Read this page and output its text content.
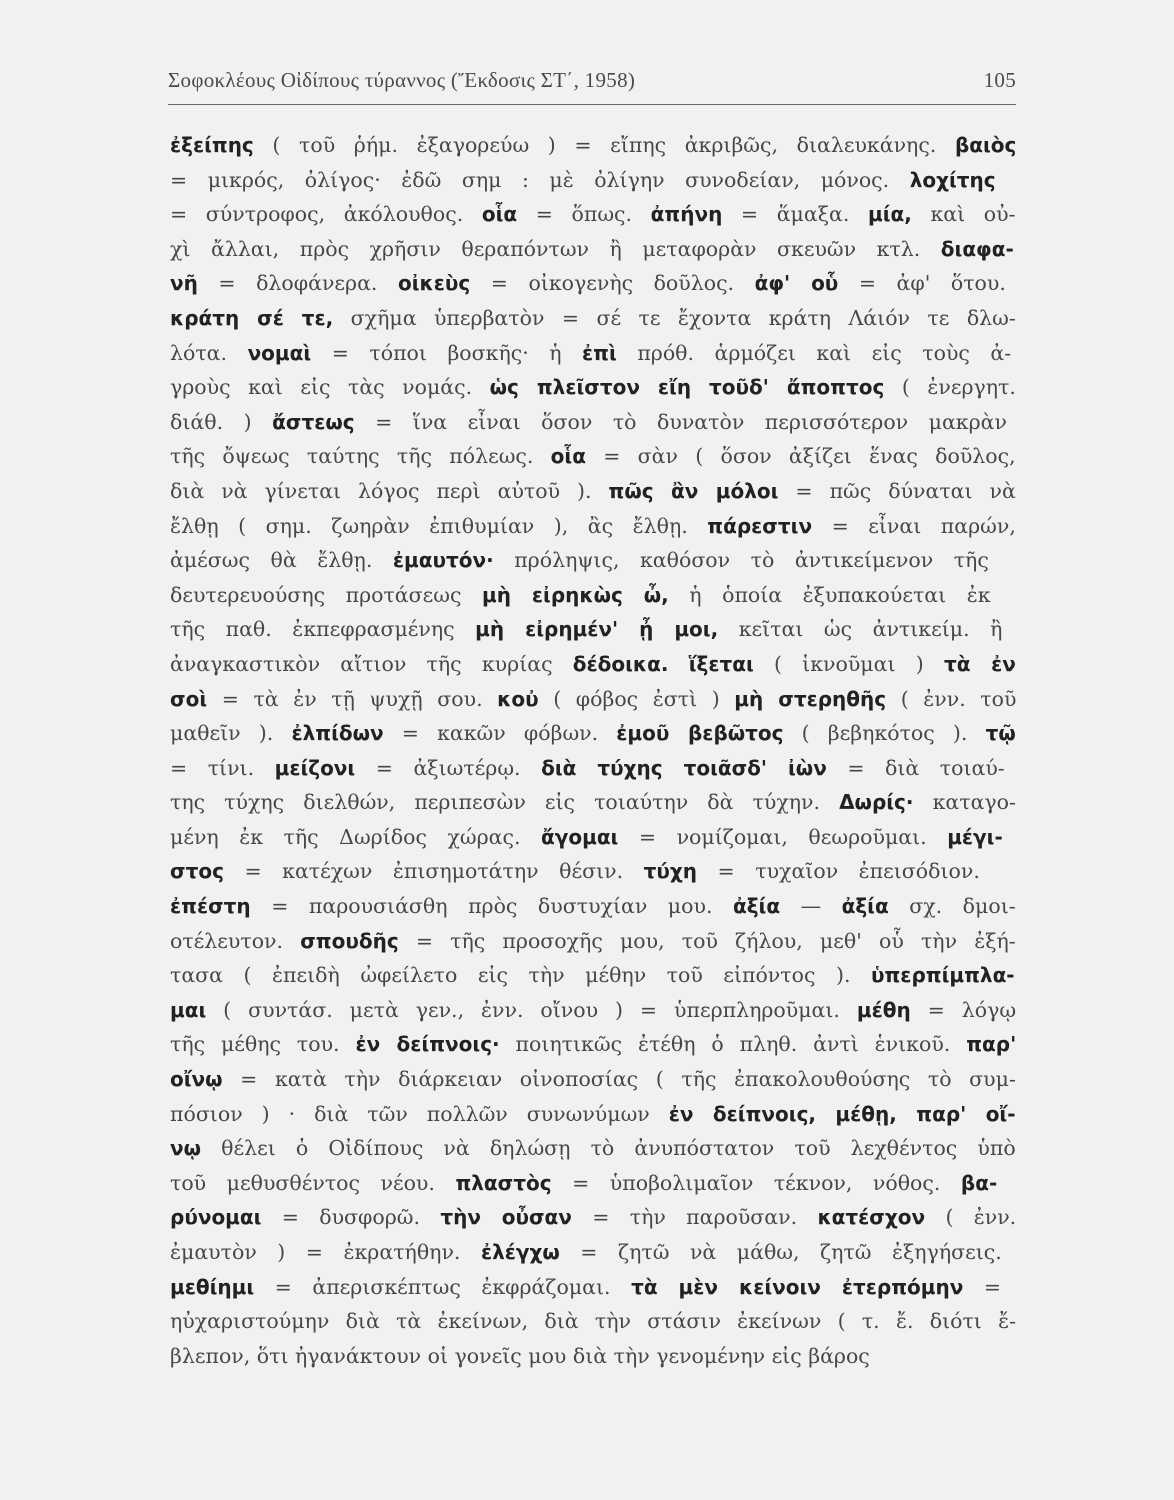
Σοφοκλέους Οἰδίπους τύραννος (Ἔκδοσις ΣΤ΄, 1958)	105
ἐξείπης ( τοῦ ῥήμ. ἐξαγορεύω ) = εἴπης ἀκριβῶς, διαλευκάνης. βαιὸς
= μικρός, ὀλίγος· ἐδῶ σημ : μὲ ὀλίγην συνοδείαν, μόνος. λοχίτης
= σύντροφος, ἀκόλουθος. οἷα = ὅπως. ἀπήνη = ἅμαξα. μία, καὶ οὐ-
χὶ ἄλλαι, πρὸς χρῆσιν θεραπόντων ἢ μεταφορὰν σκευῶν κτλ. διαφα-
νῆ = δλοφάνερα. οἰκεὺς = οἰκογενὴς δοῦλος. ἀφ' οὗ = ἀφ' ὅτου.
κράτη σέ τε, σχῆμα ὑπερβατὸν = σέ τε ἔχοντα κράτη Λάιόν τε δλω-
λότα. νομαὶ = τόποι βοσκῆς· ἡ ἐπὶ πρόθ. ἁρμόζει καὶ εἰς τοὺς ἀ-
γροὺς καὶ εἰς τὰς νομάς. ὡς πλεῖστον εἴη τοῦδ' ἄποπτος ( ἐνεργητ.
διάθ. ) ἄστεως = ἵνα εἶναι ὅσον τὸ δυνατὸν περισσότερον μακρὰν
τῆς ὄψεως ταύτης τῆς πόλεως. οἷα = σὰν ( ὅσον ἀξίζει ἕνας δοῦλος,
διὰ νὰ γίνεται λόγος περὶ αὐτοῦ ). πῶς ἂν μόλοι = πῶς δύναται νὰ
ἔλθῃ ( σημ. ζωηρὰν ἐπιθυμίαν ), ἂς ἔλθῃ. πάρεστιν = εἶναι παρών,
ἀμέσως θὰ ἔλθῃ. ἐμαυτόν· πρόληψις, καθόσον τὸ ἀντικείμενον τῆς
δευτερευούσης προτάσεως μὴ εἰρηκὼς ὦ, ἡ ὁποία ἐξυπακούεται ἐκ
τῆς παθ. ἐκπεφρασμένης μὴ εἰρημέν' ᾖ μοι, κεῖται ὡς ἀντικείμ. ἢ
ἀναγκαστικὸν αἴτιον τῆς κυρίας δέδοικα. ἵξεται ( ἱκνοῦμαι ) τὰ ἐν
σοὶ = τὰ ἐν τῇ ψυχῇ σου. κοὐ ( φόβος ἐστὶ ) μὴ στερηθῆς ( ἐνν. τοῦ
μαθεῖν ). ἐλπίδων = κακῶν φόβων. ἐμοῦ βεβῶτος ( βεβηκότος ). τῷ
= τίνι. μείζονι = ἀξιωτέρῳ. διὰ τύχης τοιᾶσδ' ἰὼν = διὰ τοιαύ-
της τύχης διελθών, περιπεσὼν εἰς τοιαύτην δὰ τύχην. Δωρίς· καταγο-
μένη ἐκ τῆς Δωρίδος χώρας. ἄγομαι = νομίζομαι, θεωροῦμαι. μέγι-
στος = κατέχων ἐπισημοτάτην θέσιν. τύχη = τυχαῖον ἐπεισόδιον.
ἐπέστη = παρουσιάσθη πρὸς δυστυχίαν μου. ἀξία — ἀξία σχ. δμοι-
οτέλευτον. σπουδῆς = τῆς προσοχῆς μου, τοῦ ζήλου, μεθ' οὗ τὴν ἐξή-
τασα ( ἐπειδὴ ὠφείλετο εἰς τὴν μέθην τοῦ εἰπόντος ). ὑπερπίμπλα-
μαι ( συντάσ. μετὰ γεν., ἐνν. οἴνου ) = ὑπερπληροῦμαι. μέθη = λόγῳ
τῆς μέθης του. ἐν δείπνοις· ποιητικῶς ἐτέθη ὁ πληθ. ἀντὶ ἑνικοῦ. παρ'
οἴνῳ = κατὰ τὴν διάρκειαν οἰνοποσίας ( τῆς ἐπακολουθούσης τὸ συμ-
πόσιον ) · διὰ τῶν πολλῶν συνωνύμων ἐν δείπνοις, μέθῃ, παρ' οἴ-
νῳ θέλει ὁ Οἰδίπους νὰ δηλώσῃ τὸ ἀνυπόστατον τοῦ λεχθέντος ὑπὸ
τοῦ μεθυσθέντος νέου. πλαστὸς = ὑποβολιμαῖον τέκνον, νόθος. βα-
ρύνομαι = δυσφορῶ. τὴν οὖσαν = τὴν παροῦσαν. κατέσχον ( ἐνν.
ἐμαυτὸν ) = ἐκρατήθην. ἐλέγχω = ζητῶ νὰ μάθω, ζητῶ ἐξηγήσεις.
μεθίημι = ἀπερισκέπτως ἐκφράζομαι. τὰ μὲν κείνοιν ἐτερπόμην =
ηὐχαριστούμην διὰ τὰ ἐκείνων, διὰ τὴν στάσιν ἐκείνων ( τ. ἔ. διότι ἔ-
βλεπον, ὅτι ἠγανάκτουν οἱ γονεῖς μου διὰ τὴν γενομένην εἰς βάρος
